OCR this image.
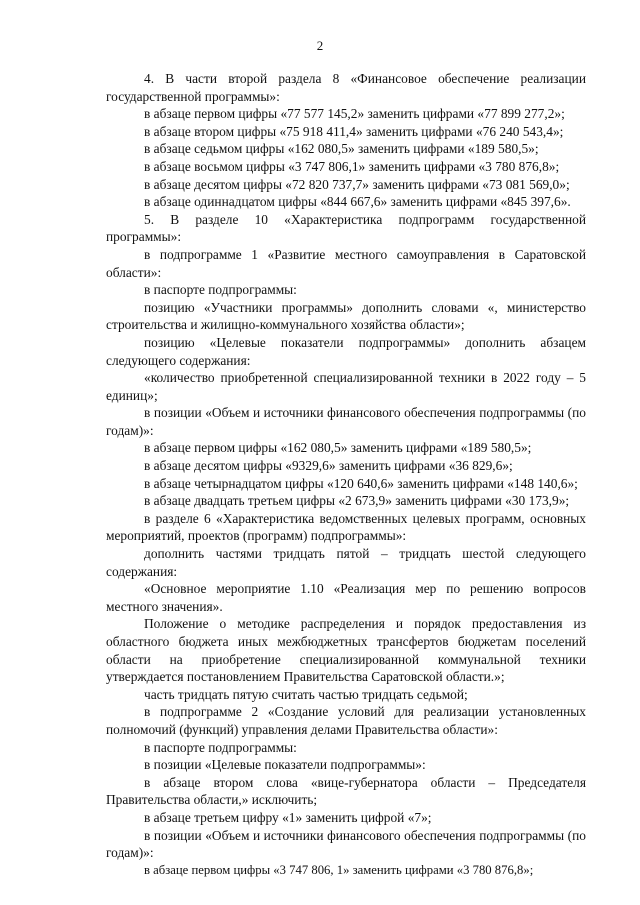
2

4. В части второй раздела 8 «Финансовое обеспечение реализации государственной программы»:

в абзаце первом цифры «77 577 145,2» заменить цифрами «77 899 277,2»;

в абзаце втором цифры «75 918 411,4» заменить цифрами «76 240 543,4»;

в абзаце седьмом цифры «162 080,5» заменить цифрами «189 580,5»;

в абзаце восьмом цифры «3 747 806,1» заменить цифрами «3 780 876,8»;

в абзаце десятом цифры «72 820 737,7» заменить цифрами «73 081 569,0»;

в абзаце одиннадцатом цифры «844 667,6» заменить цифрами «845 397,6».

5. В разделе 10 «Характеристика подпрограмм государственной программы»:

в подпрограмме 1 «Развитие местного самоуправления в Саратовской области»:

в паспорте подпрограммы:

позицию «Участники программы» дополнить словами «, министерство строительства и жилищно-коммунального хозяйства области»;

позицию «Целевые показатели подпрограммы» дополнить абзацем следующего содержания:

«количество приобретенной специализированной техники в 2022 году – 5 единиц»;

в позиции «Объем и источники финансового обеспечения подпрограммы (по годам)»:

в абзаце первом цифры «162 080,5» заменить цифрами «189 580,5»;

в абзаце десятом цифры «9329,6» заменить цифрами «36 829,6»;

в абзаце четырнадцатом цифры «120 640,6» заменить цифрами «148 140,6»;

в абзаце двадцать третьем цифры «2 673,9» заменить цифрами «30 173,9»;

в разделе 6 «Характеристика ведомственных целевых программ, основных мероприятий, проектов (программ) подпрограммы»:

дополнить частями тридцать пятой – тридцать шестой следующего содержания:

«Основное мероприятие 1.10 «Реализация мер по решению вопросов местного значения».

Положение о методике распределения и порядок предоставления из областного бюджета иных межбюджетных трансфертов бюджетам поселений области на приобретение специализированной коммунальной техники утверждается постановлением Правительства Саратовской области.»;

часть тридцать пятую считать частью тридцать седьмой;

в подпрограмме 2 «Создание условий для реализации установленных полномочий (функций) управления делами Правительства области»:

в паспорте подпрограммы:

в позиции «Целевые показатели подпрограммы»:

в абзаце втором слова «вице-губернатора области – Председателя Правительства области,» исключить;

в абзаце третьем цифру «1» заменить цифрой «7»;

в позиции «Объем и источники финансового обеспечения подпрограммы (по годам)»:

в абзаце первом цифры «3 747 806, 1» заменить цифрами «3 780 876,8»;
